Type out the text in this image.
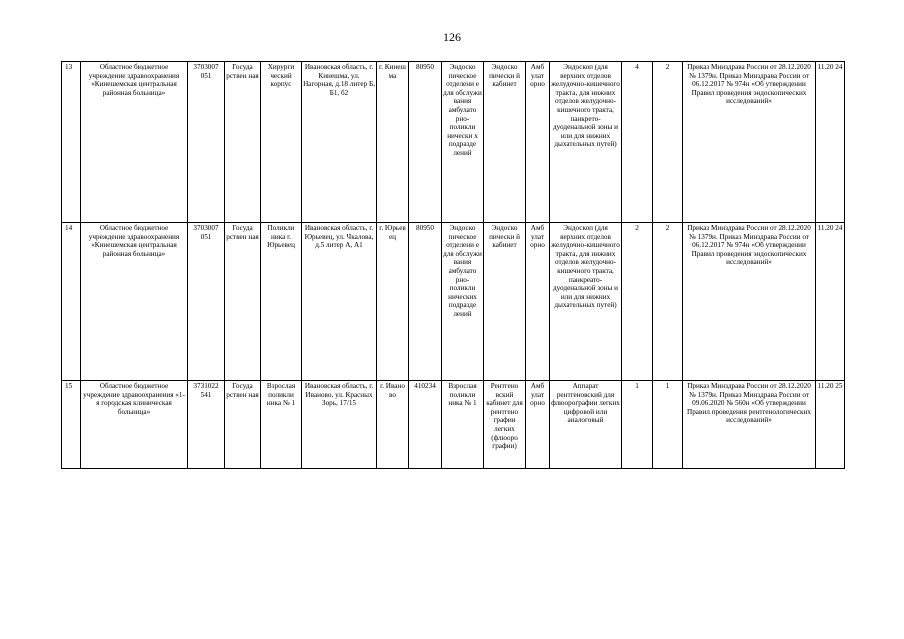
126
13	Областное бюджетное учреждение здравоохранения «Кинешемская центральная районная больница»	3703007 051	Госуда рствен ная	Хирурги ческий корпус	Ивановская область, г. Кинешма, ул. Нагорная, д.18 литер Б, Б1, б2	г. Кинеш ма	80950	Эндоско пическое отделени е для обслужи вания амбулато рно-поликли нически х подразде лений	Эндоско пически й кабинет	Амб улат орно	Эндоскоп (для верхних отделов желудочно-кишечного тракта, для нижних отделов желудочно-кишечного тракта, панкрето-дуоденальной зоны и или для нижних дыхательных путей)	4	2	Приказ Минздрава России от 28.12.2020 № 1379н. Приказ Минздрава России от 06.12.2017 № 974н «Об утверждении Правил проведения эндоскопических исследований»	11.20 24
14	Областное бюджетное учреждение здравоохранения «Кинешемская центральная районная больница»	3703007 051	Госуда рствен ная	Поликли ника г. Юрьевец	Ивановская область, г. Юрьевец, ул. Чкалова, д.5 литер А, А1	г. Юрьев ец	80950	Эндоско пическое отделени е для обслужи вания амбулато рно-поликли нических подразде лений	Эндоско пически й кабинет	Амб улат орно	Эндоскоп (для верхних отделов желудочно-кишечного тракта, для нижних отделов желудочно-кишечного тракта, панкреато-дуоденальной зоны и или для нижних дыхательных путей)	2	2	Приказ Минздрава России от 28.12.2020 № 1379н. Приказ Минздрава России от 06.12.2017 № 974н «Об утверждении Правил проведения эндоскопических исследований»	11.20 24
15	Областное бюджетное учреждение здравоохранения «1-я городская клиническая больница»	3731022 541	Госуда рствен ная	Взрослая поликли ника № 1	Ивановская область, г. Иваново, ул. Красных Зорь, 17/15	г. Ивано во	410234	Взрослая поликли ника № 1	Рентгено вский кабинет для рентгено графии легких (флюоро графии)	Амб улат орно	Аппарат рентгеновский для флюорографии легких цифровой или аналоговый	1	1	Приказ Минздрава России от 28.12.2020 № 1379н. Приказ Минздрава России от 09.06.2020 № 560н «Об утверждении Правил проведения рентгенологических исследований»	11.20 25
